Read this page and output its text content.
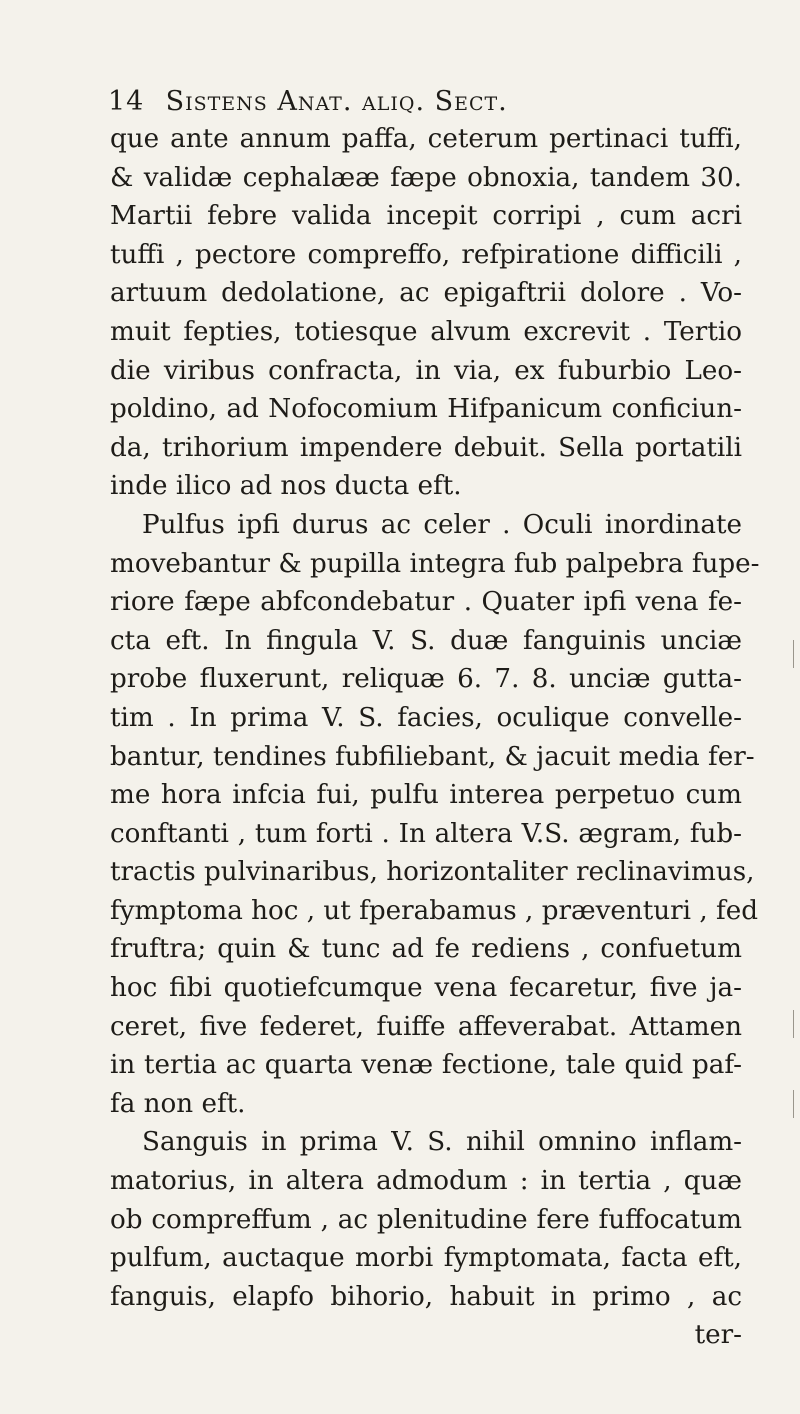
14 Sistens Anat. aliq. Sect.
que ante annum paffa, ceterum pertinaci tuffi,
& validæ cephalææ fæpe obnoxia, tandem 30.
Martii febre valida incepit corripi , cum acri
tuffi , pectore compreffo, refpiratione difficili ,
artuum dedolatione, ac epigaftrii dolore . Vo-
muit fepties, totiesque alvum excrevit . Tertio
die viribus confracta, in via, ex fuburbio Leo-
poldino, ad Nofocomium Hifpanicum conficiun-
da, trihorium impendere debuit. Sella portatili
inde ilico ad nos ducta eft.
Pulfus ipfi durus ac celer . Oculi inordinate
movebantur & pupilla integra fub palpebra fupe-
riore fæpe abfcondebatur . Quater ipfi vena fe-
cta eft. In fingula V. S. duæ fanguinis unciæ
probe fluxerunt, reliquæ 6. 7. 8. unciæ gutta-
tim . In prima V. S. facies, oculique convelle-
bantur, tendines fubfiliebant, & jacuit media fer-
me hora infcia fui, pulfu interea perpetuo cum
conftanti , tum forti . In altera V.S. ægram, fub-
tractis pulvinaribus, horizontaliter reclinavimus,
fymptoma hoc , ut fperabamus , præventuri , fed
fruftra; quin & tunc ad fe rediens , confuetum
hoc fibi quotiefcumque vena fecaretur, five ja-
ceret, five federet, fuiffe affeverabat. Attamen
in tertia ac quarta venæ fectione, tale quid paf-
fa non eft.
Sanguis in prima V. S. nihil omnino inflam-
matorius, in altera admodum : in tertia , quæ
ob compreffum , ac plenitudine fere fuffocatum
pulfum, auctaque morbi fymptomata, facta eft,
fanguis, elapfo bihorio, habuit in primo , ac
ter-
